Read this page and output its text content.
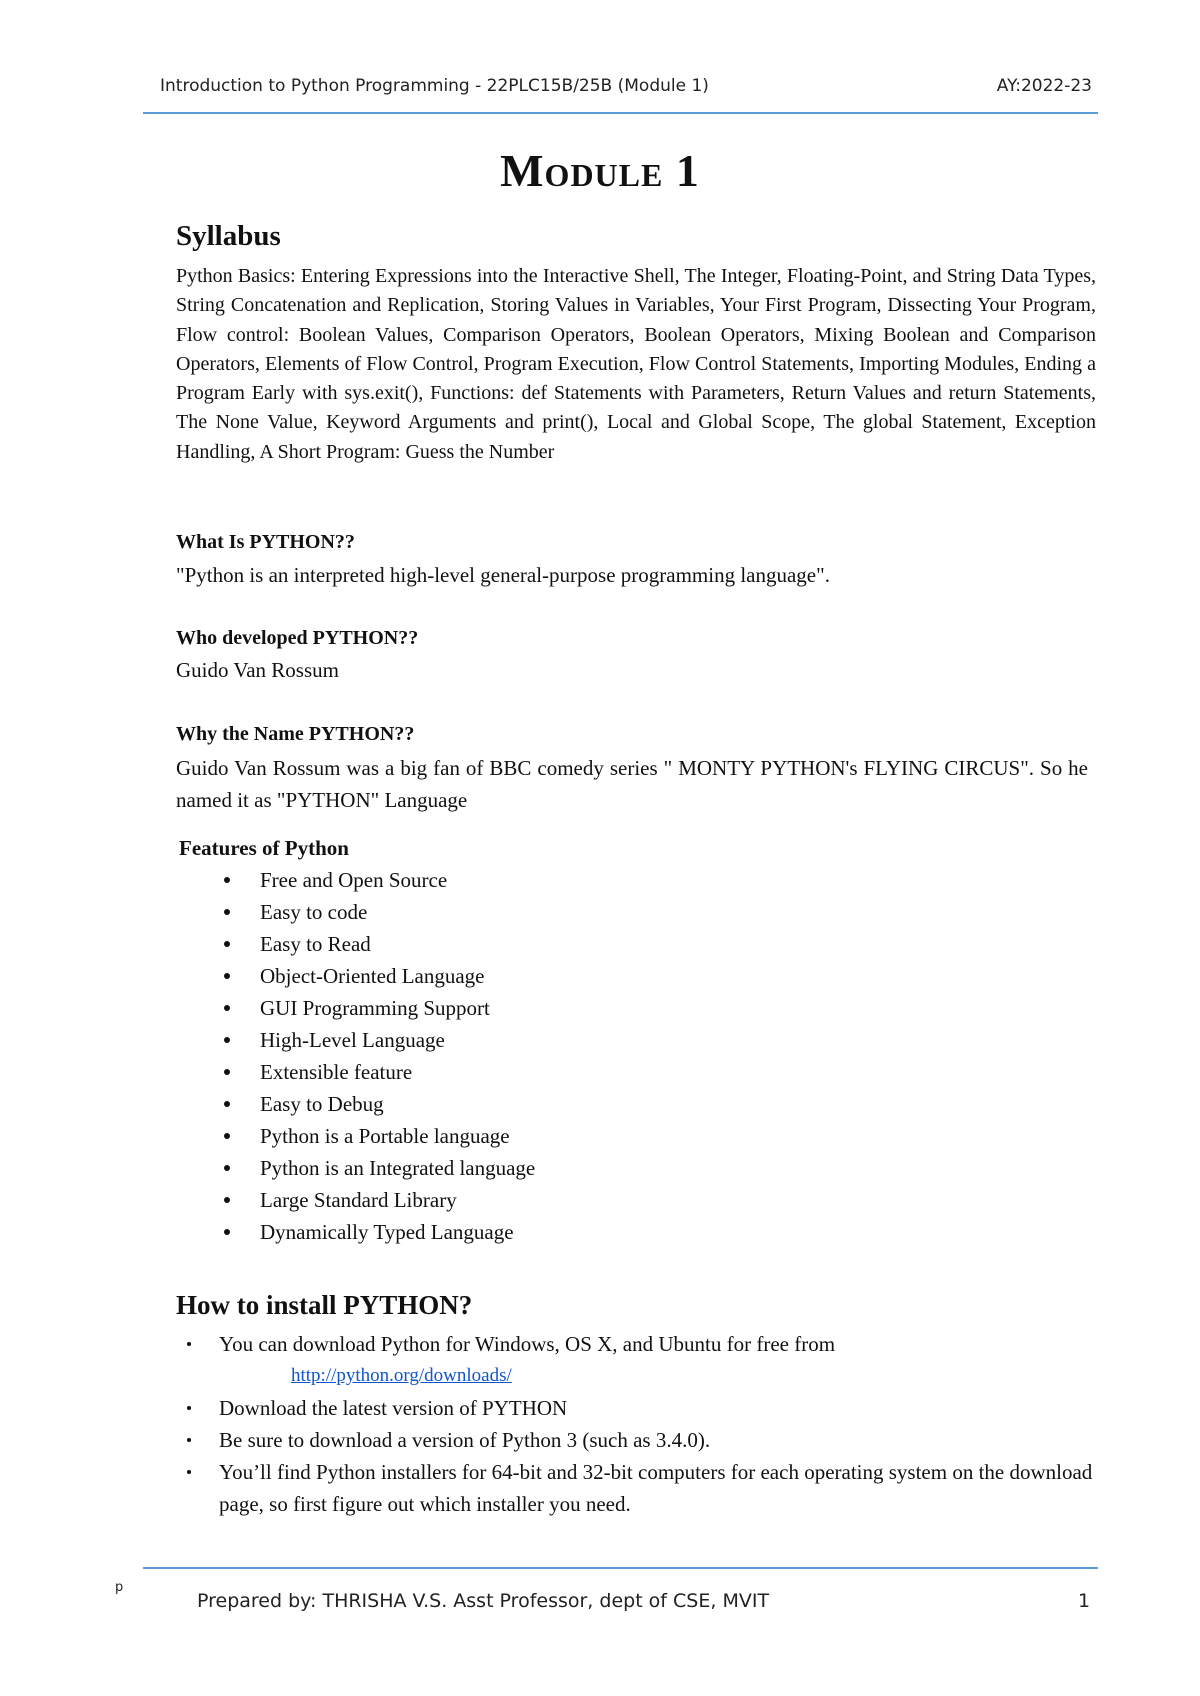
Introduction to Python Programming - 22PLC15B/25B (Module 1)	AY:2022-23
Module 1
Syllabus

Python Basics: Entering Expressions into the Interactive Shell, The Integer, Floating-Point, and String Data Types, String Concatenation and Replication, Storing Values in Variables, Your First Program, Dissecting Your Program, Flow control: Boolean Values, Comparison Operators, Boolean Operators, Mixing Boolean and Comparison Operators, Elements of Flow Control, Program Execution, Flow Control Statements, Importing Modules, Ending a Program Early with sys.exit(), Functions: def Statements with Parameters, Return Values and return Statements, The None Value, Keyword Arguments and print(), Local and Global Scope, The global Statement, Exception Handling, A Short Program: Guess the Number

What Is PYTHON??
"Python is an interpreted high-level general-purpose programming language".
Who developed PYTHON??
Guido Van Rossum
Why the Name PYTHON??

Guido Van Rossum was a big fan of BBC comedy series " MONTY PYTHON's FLYING CIRCUS". So he named it as "PYTHON" Language

Features of Python
Free and Open Source
Easy to code
Easy to Read
Object-Oriented Language
GUI Programming Support
High-Level Language
Extensible feature
Easy to Debug
Python is a Portable language
Python is an Integrated language
Large Standard Library
Dynamically Typed Language
How to install PYTHON?
You can download Python for Windows, OS X, and Ubuntu for free from
http://python.org/downloads/
Download the latest version of PYTHON
Be sure to download a version of Python 3 (such as 3.4.0).
You’ll find Python installers for 64-bit and 32-bit computers for each operating system on the download page, so first figure out which installer you need.
p
Prepared by: THRISHA V.S. Asst Professor, dept of CSE, MVIT	1
